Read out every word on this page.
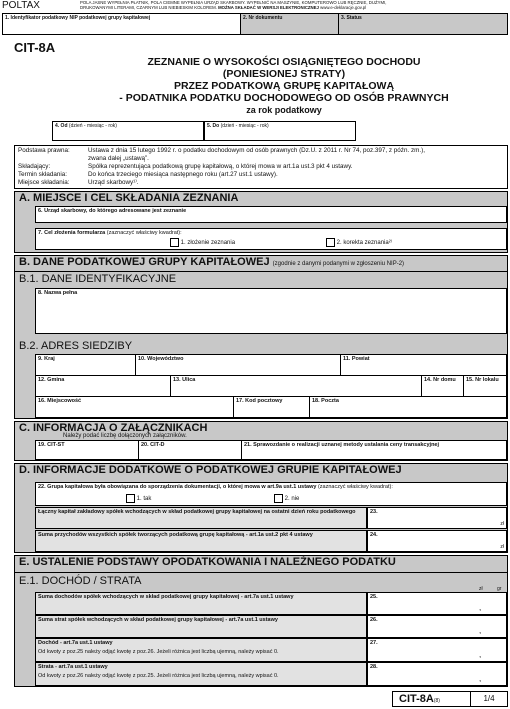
POLTAX	POLA JASNE WYPEŁNIA PŁATNIK, POLA CIEMNE WYPEŁNIA URZĄD SKARBOWY. WYPEŁNIĆ NA MASZYNIE, KOMPUTEROWO LUB RĘCZNIE, DUŻYMI,
DRUKOWANYMI LITERAMI, CZARNYM LUB NIEBIESKIM KOLOREM. MOŻNA SKŁADAĆ W WERSJI ELEKTRONICZNEJ www.e-deklaracje.gov.pl
1. Identyfikator podatkowy NIP podatkowej grupy kapitałowej	2. Nr dokumentu	3. Status
CIT-8A
ZEZNANIE O WYSOKOŚCI OSIĄGNIĘTEGO DOCHODU
(PONIESIONEJ STRATY)
PRZEZ PODATKOWĄ GRUPĘ KAPITAŁOWĄ
- PODATNIKA PODATKU DOCHODOWEGO OD OSÓB PRAWNYCH
za rok podatkowy
4. Od (dzień - miesiąc - rok)	5. Do (dzień - miesiąc - rok)
Podstawa prawna:	Ustawa z dnia 15 lutego 1992 r. o podatku dochodowym od osób prawnych (Dz.U. z 2011 r. Nr 74, poz.397, z późn. zm.),
zwana dalej „ustawą”.
Składający:	Spółka reprezentująca podatkową grupę kapitałową, o której mowa w art.1a ust.3 pkt 4 ustawy.
Termin składania:	Do końca trzeciego miesiąca następnego roku (art.27 ust.1 ustawy).
Miejsce składania:	Urząd skarbowy¹⁾.
A. MIEJSCE I CEL SKŁADANIA ZEZNANIA
6. Urząd skarbowy, do którego adresowane jest zeznanie
7. Cel złożenia formularza (zaznaczyć właściwy kwadrat):
1. złożenie zeznania	2. korekta zeznania²⁾
B. DANE PODATKOWEJ GRUPY KAPITAŁOWEJ (zgodnie z danymi podanymi w zgłoszeniu NIP-2)
B.1. DANE IDENTYFIKACYJNE
8. Nazwa pełna
B.2. ADRES SIEDZIBY
9. Kraj	10. Województwo	11. Powiat
12. Gmina	13. Ulica	14. Nr domu	15. Nr lokalu
16. Miejscowość	17. Kod pocztowy	18. Poczta
C. INFORMACJA O ZAŁĄCZNIKACH
Należy podać liczbę dołączonych załączników.
19. CIT-ST	20. CIT-D	21. Sprawozdanie o realizacji uznanej metody ustalania ceny transakcyjnej
D. INFORMACJE DODATKOWE O PODATKOWEJ GRUPIE KAPITAŁOWEJ
22. Grupa kapitałowa była obowiązana do sporządzenia dokumentacji, o której mowa w art.9a ust.1 ustawy (zaznaczyć właściwy kwadrat):
1. tak	2. nie
Łączny kapitał zakładowy spółek wchodzących w skład podatkowej grupy kapitałowej na ostatni dzień roku podatkowego	23.
zł
Suma przychodów wszystkich spółek tworzących podatkową grupę kapitałową - art.1a ust.2 pkt 4 ustawy	24.
zł
E. USTALENIE PODSTAWY OPODATKOWANIA I NALEŻNEGO PODATKU
E.1. DOCHÓD / STRATA
zł	gr
Suma dochodów spółek wchodzących w skład podatkowej grupy kapitałowej - art.7a ust.1 ustawy	25.
,
Suma strat spółek wchodzących w skład podatkowej grupy kapitałowej - art.7a ust.1 ustawy	26.
,
Dochód - art.7a ust.1 ustawy
Od kwoty z poz.25 należy odjąć kwotę z poz.26. Jeżeli różnica jest liczbą ujemną, należy wpisać 0.
27.
,
Strata - art.7a ust.1 ustawy
Od kwoty z poz.26 należy odjąć kwotę z poz.25. Jeżeli różnica jest liczbą ujemną, należy wpisać 0.
28.
,
CIT-8A(8)	1/4
